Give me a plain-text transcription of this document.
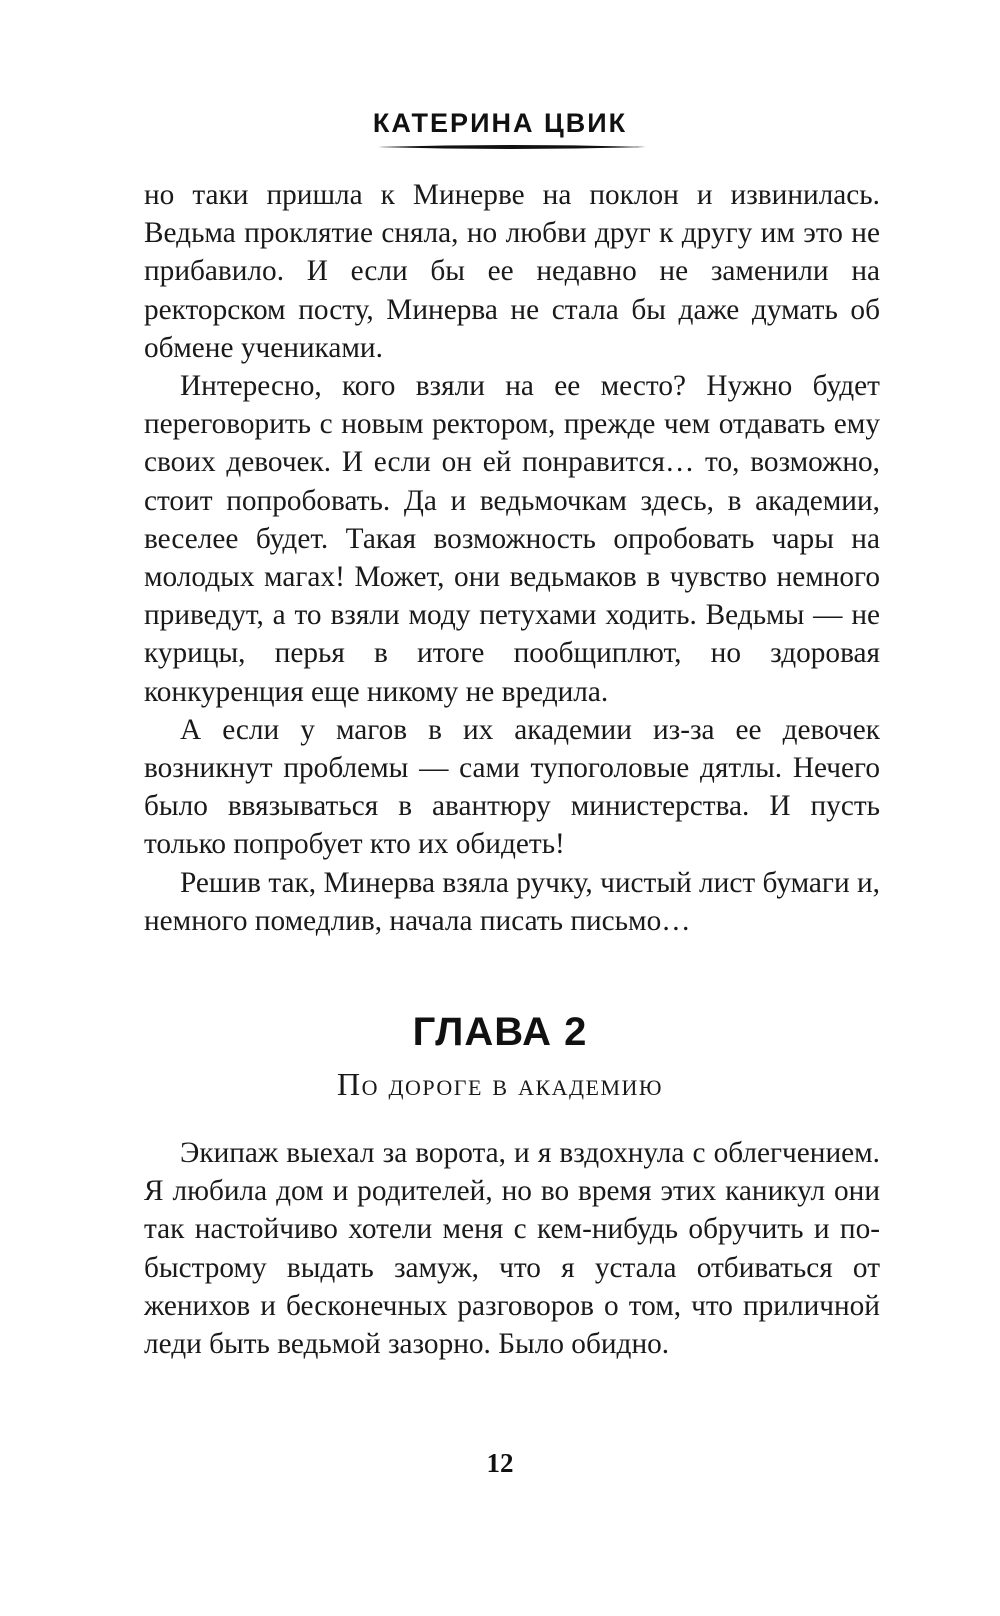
КАТЕРИНА ЦВИК

но таки пришла к Минерве на поклон и извинилась. Ведьма проклятие сняла, но любви друг к другу им это не прибавило. И если бы ее недавно не заменили на ректорском посту, Минерва не стала бы даже думать об обмене учениками.

Интересно, кого взяли на ее место? Нужно будет переговорить с новым ректором, прежде чем отдавать ему своих девочек. И если он ей понравится… то, возможно, стоит попробовать. Да и ведьмочкам здесь, в академии, веселее будет. Такая возможность опробовать чары на молодых магах! Может, они ведьмаков в чувство немного приведут, а то взяли моду петухами ходить. Ведьмы — не курицы, перья в итоге пообщиплют, но здоровая конкуренция еще никому не вредила.

А если у магов в их академии из-за ее девочек возникнут проблемы — сами тупоголовые дятлы. Нечего было ввязываться в авантюру министерства. И пусть только попробует кто их обидеть!

Решив так, Минерва взяла ручку, чистый лист бумаги и, немного помедлив, начала писать письмо…

ГЛАВА 2
По дороге в академию

Экипаж выехал за ворота, и я вздохнула с облегчением. Я любила дом и родителей, но во время этих каникул они так настойчиво хотели меня с кем-нибудь обручить и по-быстрому выдать замуж, что я устала отбиваться от женихов и бесконечных разговоров о том, что приличной леди быть ведьмой зазорно. Было обидно.

12
